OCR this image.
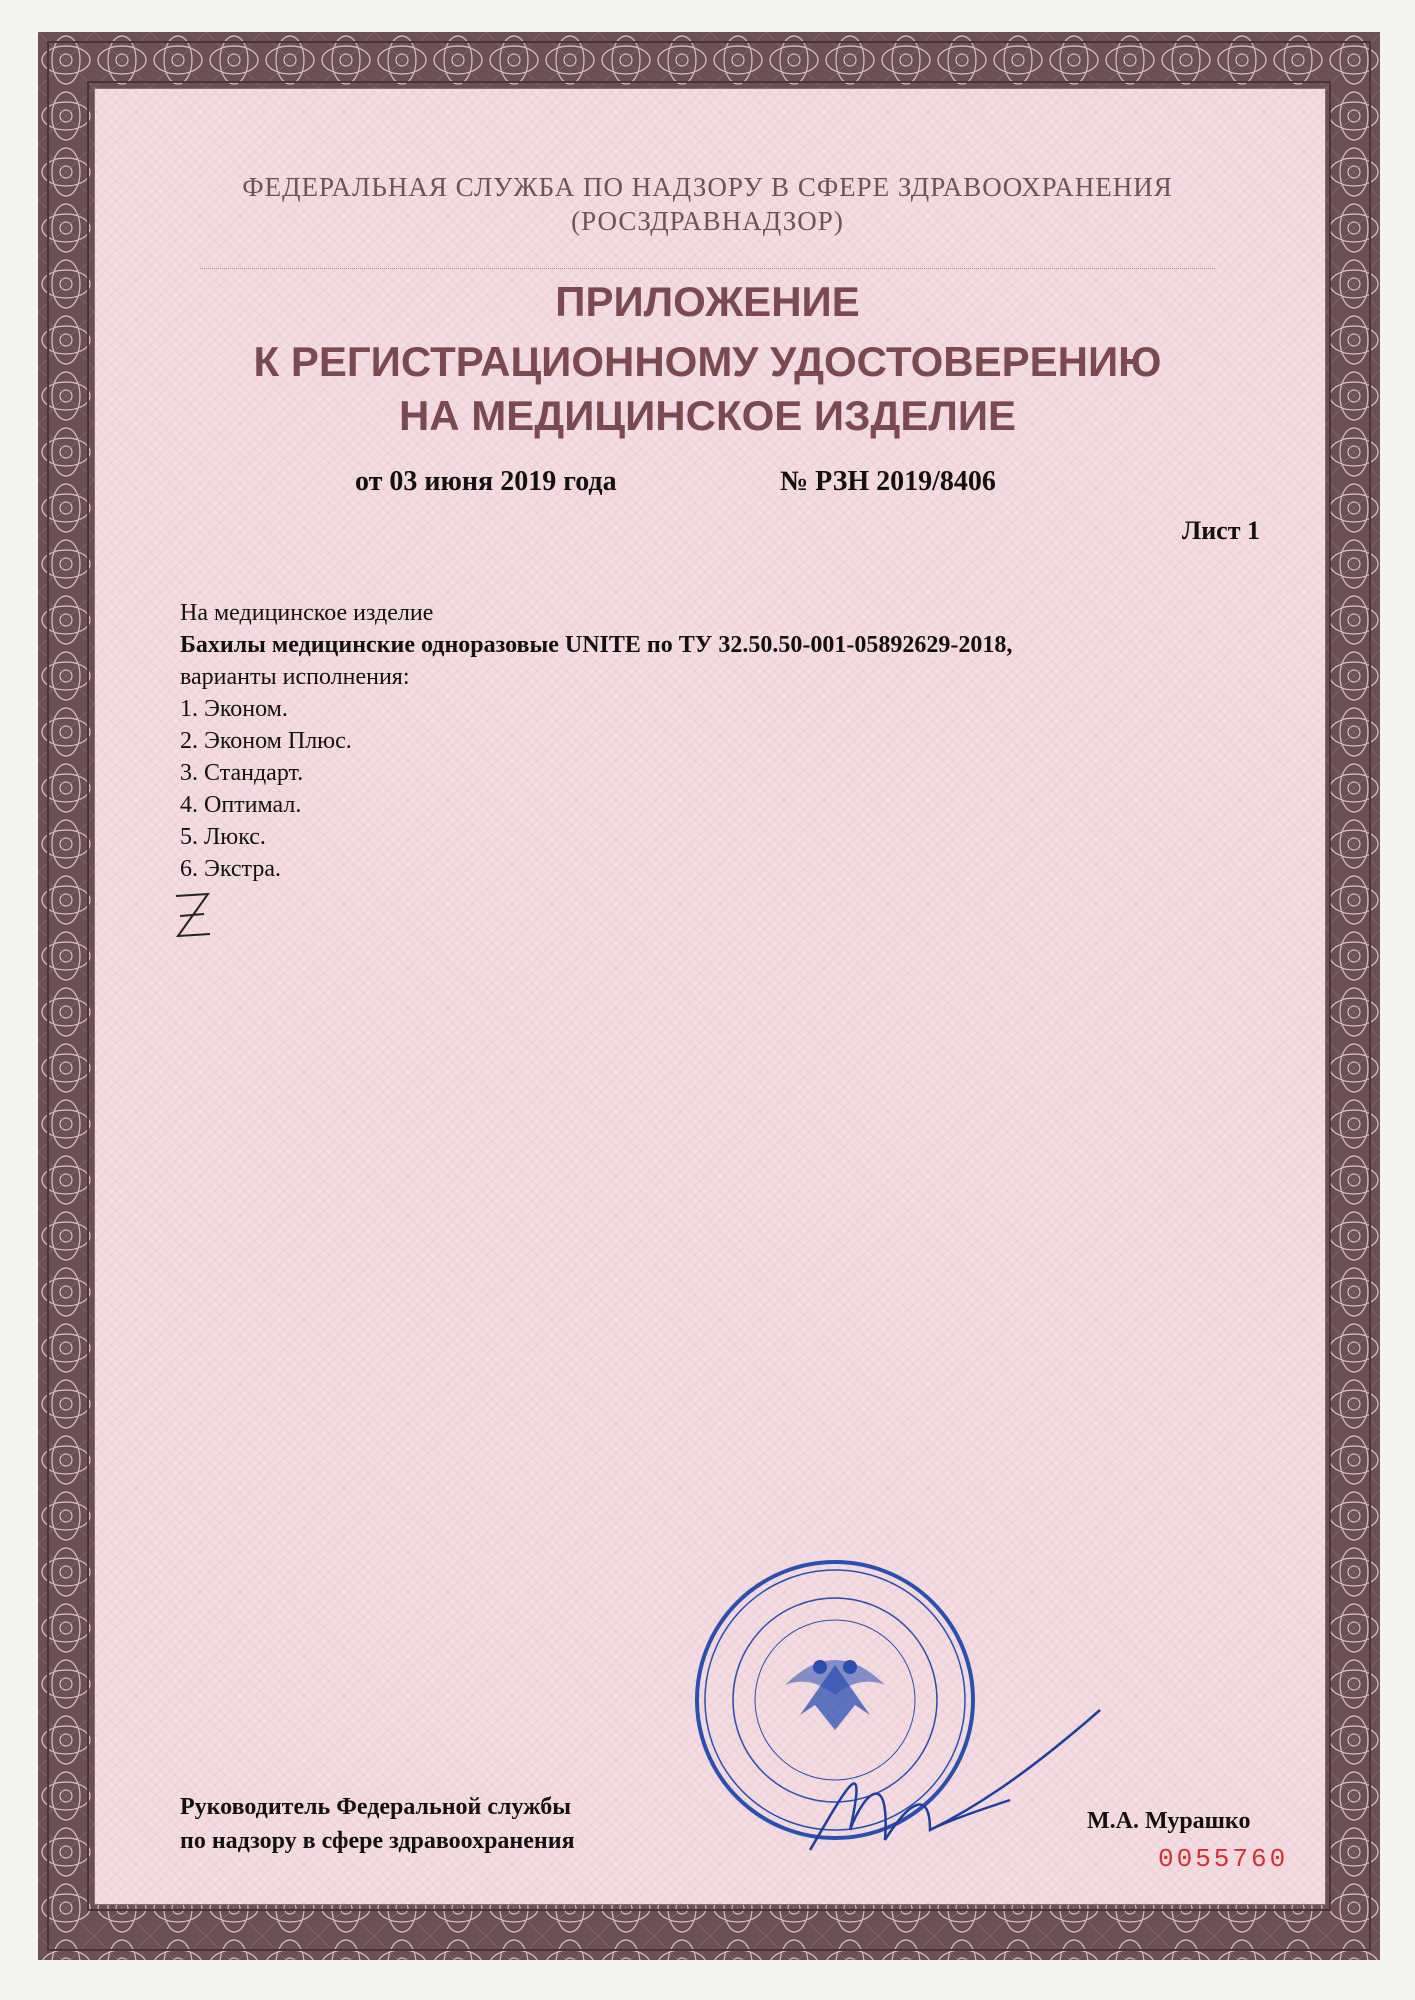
ФЕДЕРАЛЬНАЯ СЛУЖБА ПО НАДЗОРУ В СФЕРЕ ЗДРАВООХРАНЕНИЯ
(РОСЗДРАВНАДЗОР)
ПРИЛОЖЕНИЕ
К РЕГИСТРАЦИОННОМУ УДОСТОВЕРЕНИЮ
НА МЕДИЦИНСКОЕ ИЗДЕЛИЕ
от 03 июня 2019 года	№ РЗН 2019/8406
Лист 1
На медицинское изделие
Бахилы медицинские одноразовые UNITE по ТУ 32.50.50-001-05892629-2018,
варианты исполнения:
1. Эконом.
2. Эконом Плюс.
3. Стандарт.
4. Оптимал.
5. Люкс.
6. Экстра.
Руководитель Федеральной службы
по надзору в сфере здравоохранения
М.А. Мурашко
0055760
